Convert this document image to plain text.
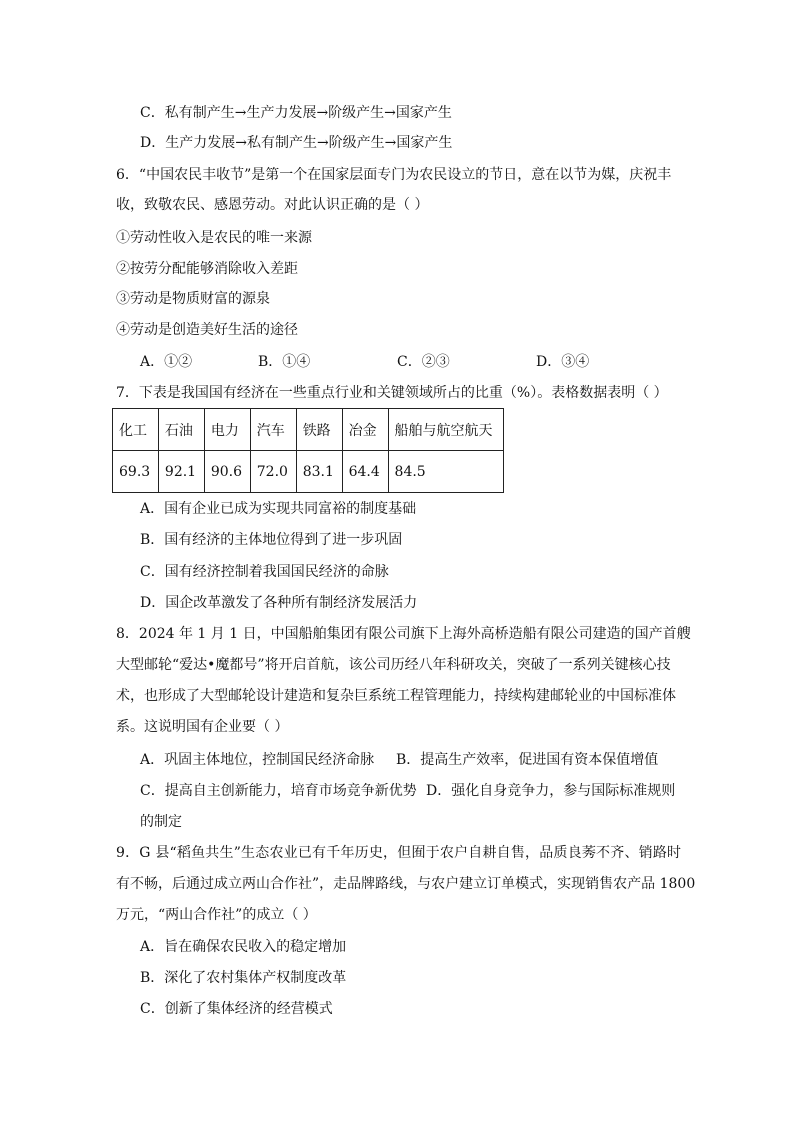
C．私有制产生→生产力发展→阶级产生→国家产生
D．生产力发展→私有制产生→阶级产生→国家产生
6．“中国农民丰收节”是第一个在国家层面专门为农民设立的节日，意在以节为媒，庆祝丰
收，致敬农民、感恩劳动。对此认识正确的是（ ）
①劳动性收入是农民的唯一来源
②按劳分配能够消除收入差距
③劳动是物质财富的源泉
④劳动是创造美好生活的途径
A．①②	B．①④	C．②③	D．③④
7．下表是我国国有经济在一些重点行业和关键领域所占的比重（%）。表格数据表明（ ）
化工	石油	电力	汽车	铁路	冶金	船舶与航空航天
69.3	92.1	90.6	72.0	83.1	64.4	84.5
A．国有企业已成为实现共同富裕的制度基础
B．国有经济的主体地位得到了进一步巩固
C．国有经济控制着我国国民经济的命脉
D．国企改革激发了各种所有制经济发展活力
8．2024 年 1 月 1 日，中国船舶集团有限公司旗下上海外高桥造船有限公司建造的国产首艘
大型邮轮“爱达•魔都号”将开启首航，该公司历经八年科研攻关，突破了一系列关键核心技
术，也形成了大型邮轮设计建造和复杂巨系统工程管理能力，持续构建邮轮业的中国标准体
系。这说明国有企业要（ ）
A．巩固主体地位，控制国民经济命脉 B．提高生产效率，促进国有资本保值增值
C．提高自主创新能力，培育市场竞争新优势 D．强化自身竞争力，参与国际标准规则
的制定
9．G 县“稻鱼共生”生态农业已有千年历史，但囿于农户自耕自售，品质良莠不齐、销路时
有不畅，后通过成立两山合作社”，走品牌路线，与农户建立订单模式，实现销售农产品 1800
万元，“两山合作社”的成立（ ）
A．旨在确保农民收入的稳定增加
B．深化了农村集体产权制度改革
C．创新了集体经济的经营模式
